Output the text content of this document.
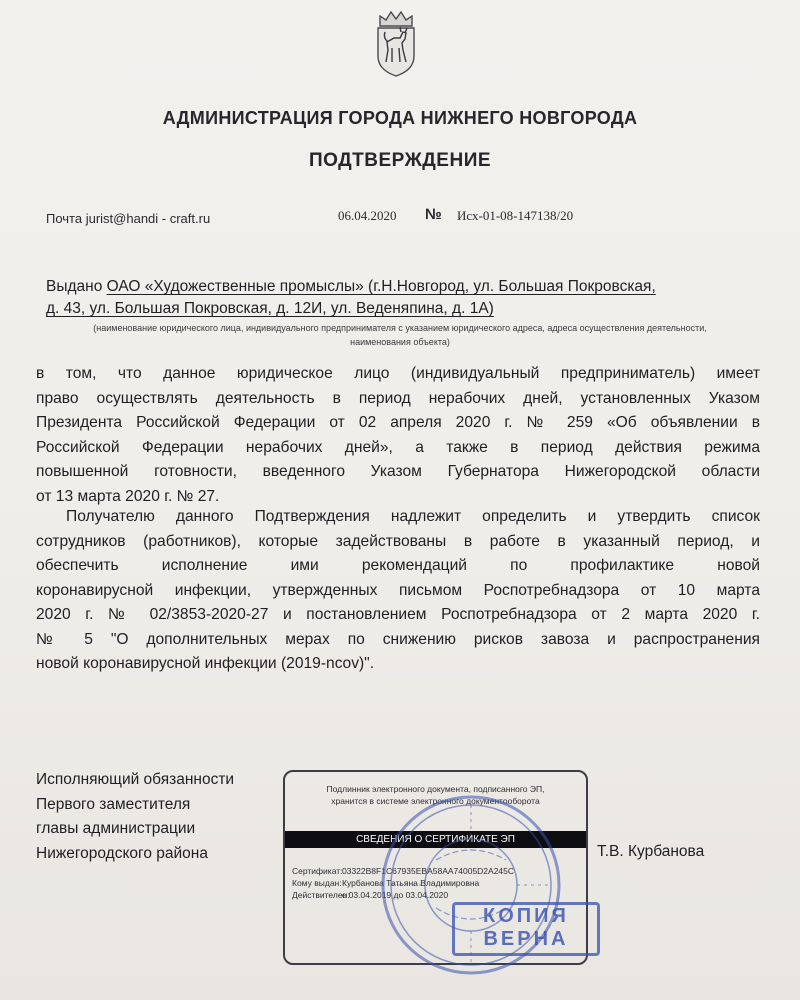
АДМИНИСТРАЦИЯ ГОРОДА НИЖНЕГО НОВГОРОДА
ПОДТВЕРЖДЕНИЕ
Почта jurist@handi - craft.ru	06.04.2020 № Исх-01-08-147138/20
Выдано ОАО «Художественные промыслы» (г.Н.Новгород, ул. Большая Покровская,
д. 43, ул. Большая Покровская, д. 12И, ул. Веденяпина, д. 1А)
(наименование юридического лица, индивидуального предпринимателя с указанием юридического адреса, адреса осуществления деятельности,
наименования объекта)
в том, что данное юридическое лицо (индивидуальный предприниматель) имеет
право осуществлять деятельность в период нерабочих дней, установленных Указом
Президента Российской Федерации от 02 апреля 2020 г. № 259 «Об объявлении в
Российской Федерации нерабочих дней», а также в период действия режима
повышенной готовности, введенного Указом Губернатора Нижегородской области
от 13 марта 2020 г. № 27.
Получателю данного Подтверждения надлежит определить и утвердить список
сотрудников (работников), которые задействованы в работе в указанный период, и
обеспечить исполнение ими рекомендаций по профилактике новой
коронавирусной инфекции, утвержденных письмом Роспотребнадзора от 10 марта
2020 г. № 02/3853-2020-27 и постановлением Роспотребнадзора от 2 марта 2020 г.
№ 5 "О дополнительных мерах по снижению рисков завоза и распространения
новой коронавирусной инфекции (2019-ncov)".
Исполняющий обязанности
Первого заместителя
главы администрации
Нижегородского района
Подлинник электронного документа, подписанного ЭП,
хранится в системе электронного документооборота
СВЕДЕНИЯ О СЕРТИФИКАТЕ ЭП
Сертификат:03322B8F1C67935EBA58AA74005D2A245C
Кому выдан:Курбанова Татьяна Владимировна
Действителен:с 03.04.2019 до 03.04.2020
КОПИЯ
ВЕРНА
Т.В. Курбанова
